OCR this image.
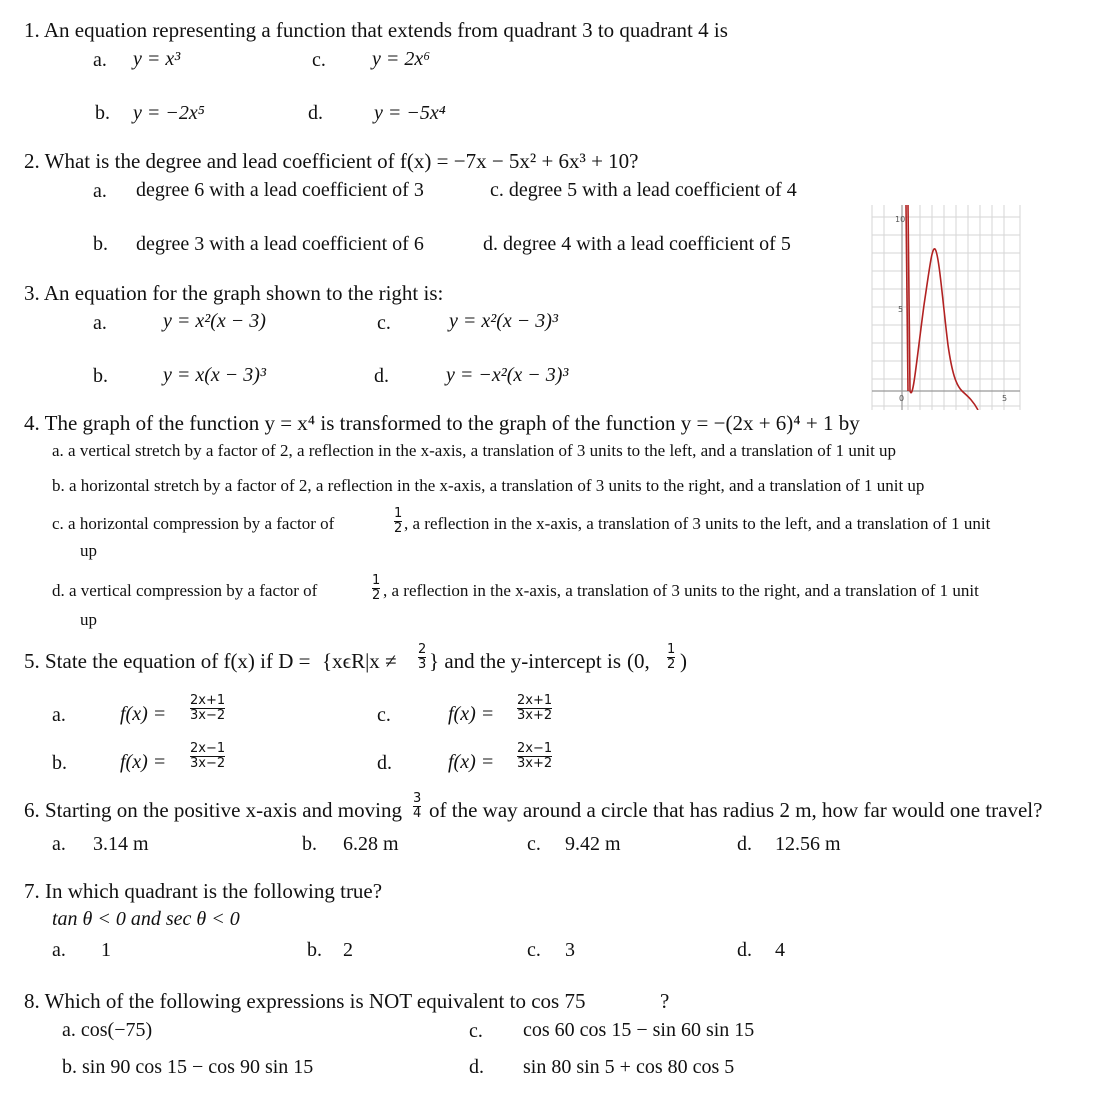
1. An equation representing a function that extends from quadrant 3 to quadrant 4 is
a. y = x³	c. y = 2x⁶
b. y = −2x⁵	d.	y = −5x⁴
2. What is the degree and lead coefficient of f(x) = −7x − 5x² + 6x³ + 10?
a. degree 6 with a lead coefficient of 3	c. degree 5 with a lead coefficient of 4
b. degree 3 with a lead coefficient of 6	d. degree 4 with a lead coefficient of 5
3. An equation for the graph shown to the right is:
a.	y = x²(x − 3)	c.	y = x²(x − 3)³
b.	y = x(x − 3)³	d.	y = −x²(x − 3)³
10
5
0	5
4. The graph of the function y = x⁴ is transformed to the graph of the function y = −(2x + 6)⁴ + 1 by
a. a vertical stretch by a factor of 2, a reflection in the x-axis, a translation of 3 units to the left, and a translation of 1 unit up
b. a horizontal stretch by a factor of 2, a reflection in the x-axis, a translation of 3 units to the right, and a translation of 1 unit up
c. a horizontal compression by a factor of	$\frac{1}{2}$ , a reflection in the x-axis, a translation of 3 units to the left, and a translation of 1 unit
up
d. a vertical compression by a factor of	$\frac{1}{2}$ , a reflection in the x-axis, a translation of 3 units to the right, and a translation of 1 unit
up
5. State the equation of f(x) if $D = \{x\epsilon R|x \ne \frac{2}{3}$ } and the y-intercept is (0, $\frac{1}{2}$ )
a.	$f(x) = \frac{2x+1}{3x-2}$	c.	$f(x) = \frac{2x+1}{3x+2}$
b.	$f(x) = \frac{2x-1}{3x-2}$	d.	$f(x) = \frac{2x-1}{3x+2}$
6. Starting on the positive x-axis and moving $\frac{3}{4}$ of the way around a circle that has radius 2 m, how far would one travel?
a. 3.14 m	b. 6.28 m	c. 9.42 m	d. 12.56 m
7. In which quadrant is the following true?
tan θ < 0 and sec θ < 0
a. 1	b. 2	c. 3	d. 4
8. Which of the following expressions is NOT equivalent to cos 75	?
a. cos(−75)	c. cos 60 cos 15 − sin 60 sin 15
b. sin 90 cos 15 − cos 90 sin 15	d. sin 80 sin 5 + cos 80 cos 5
